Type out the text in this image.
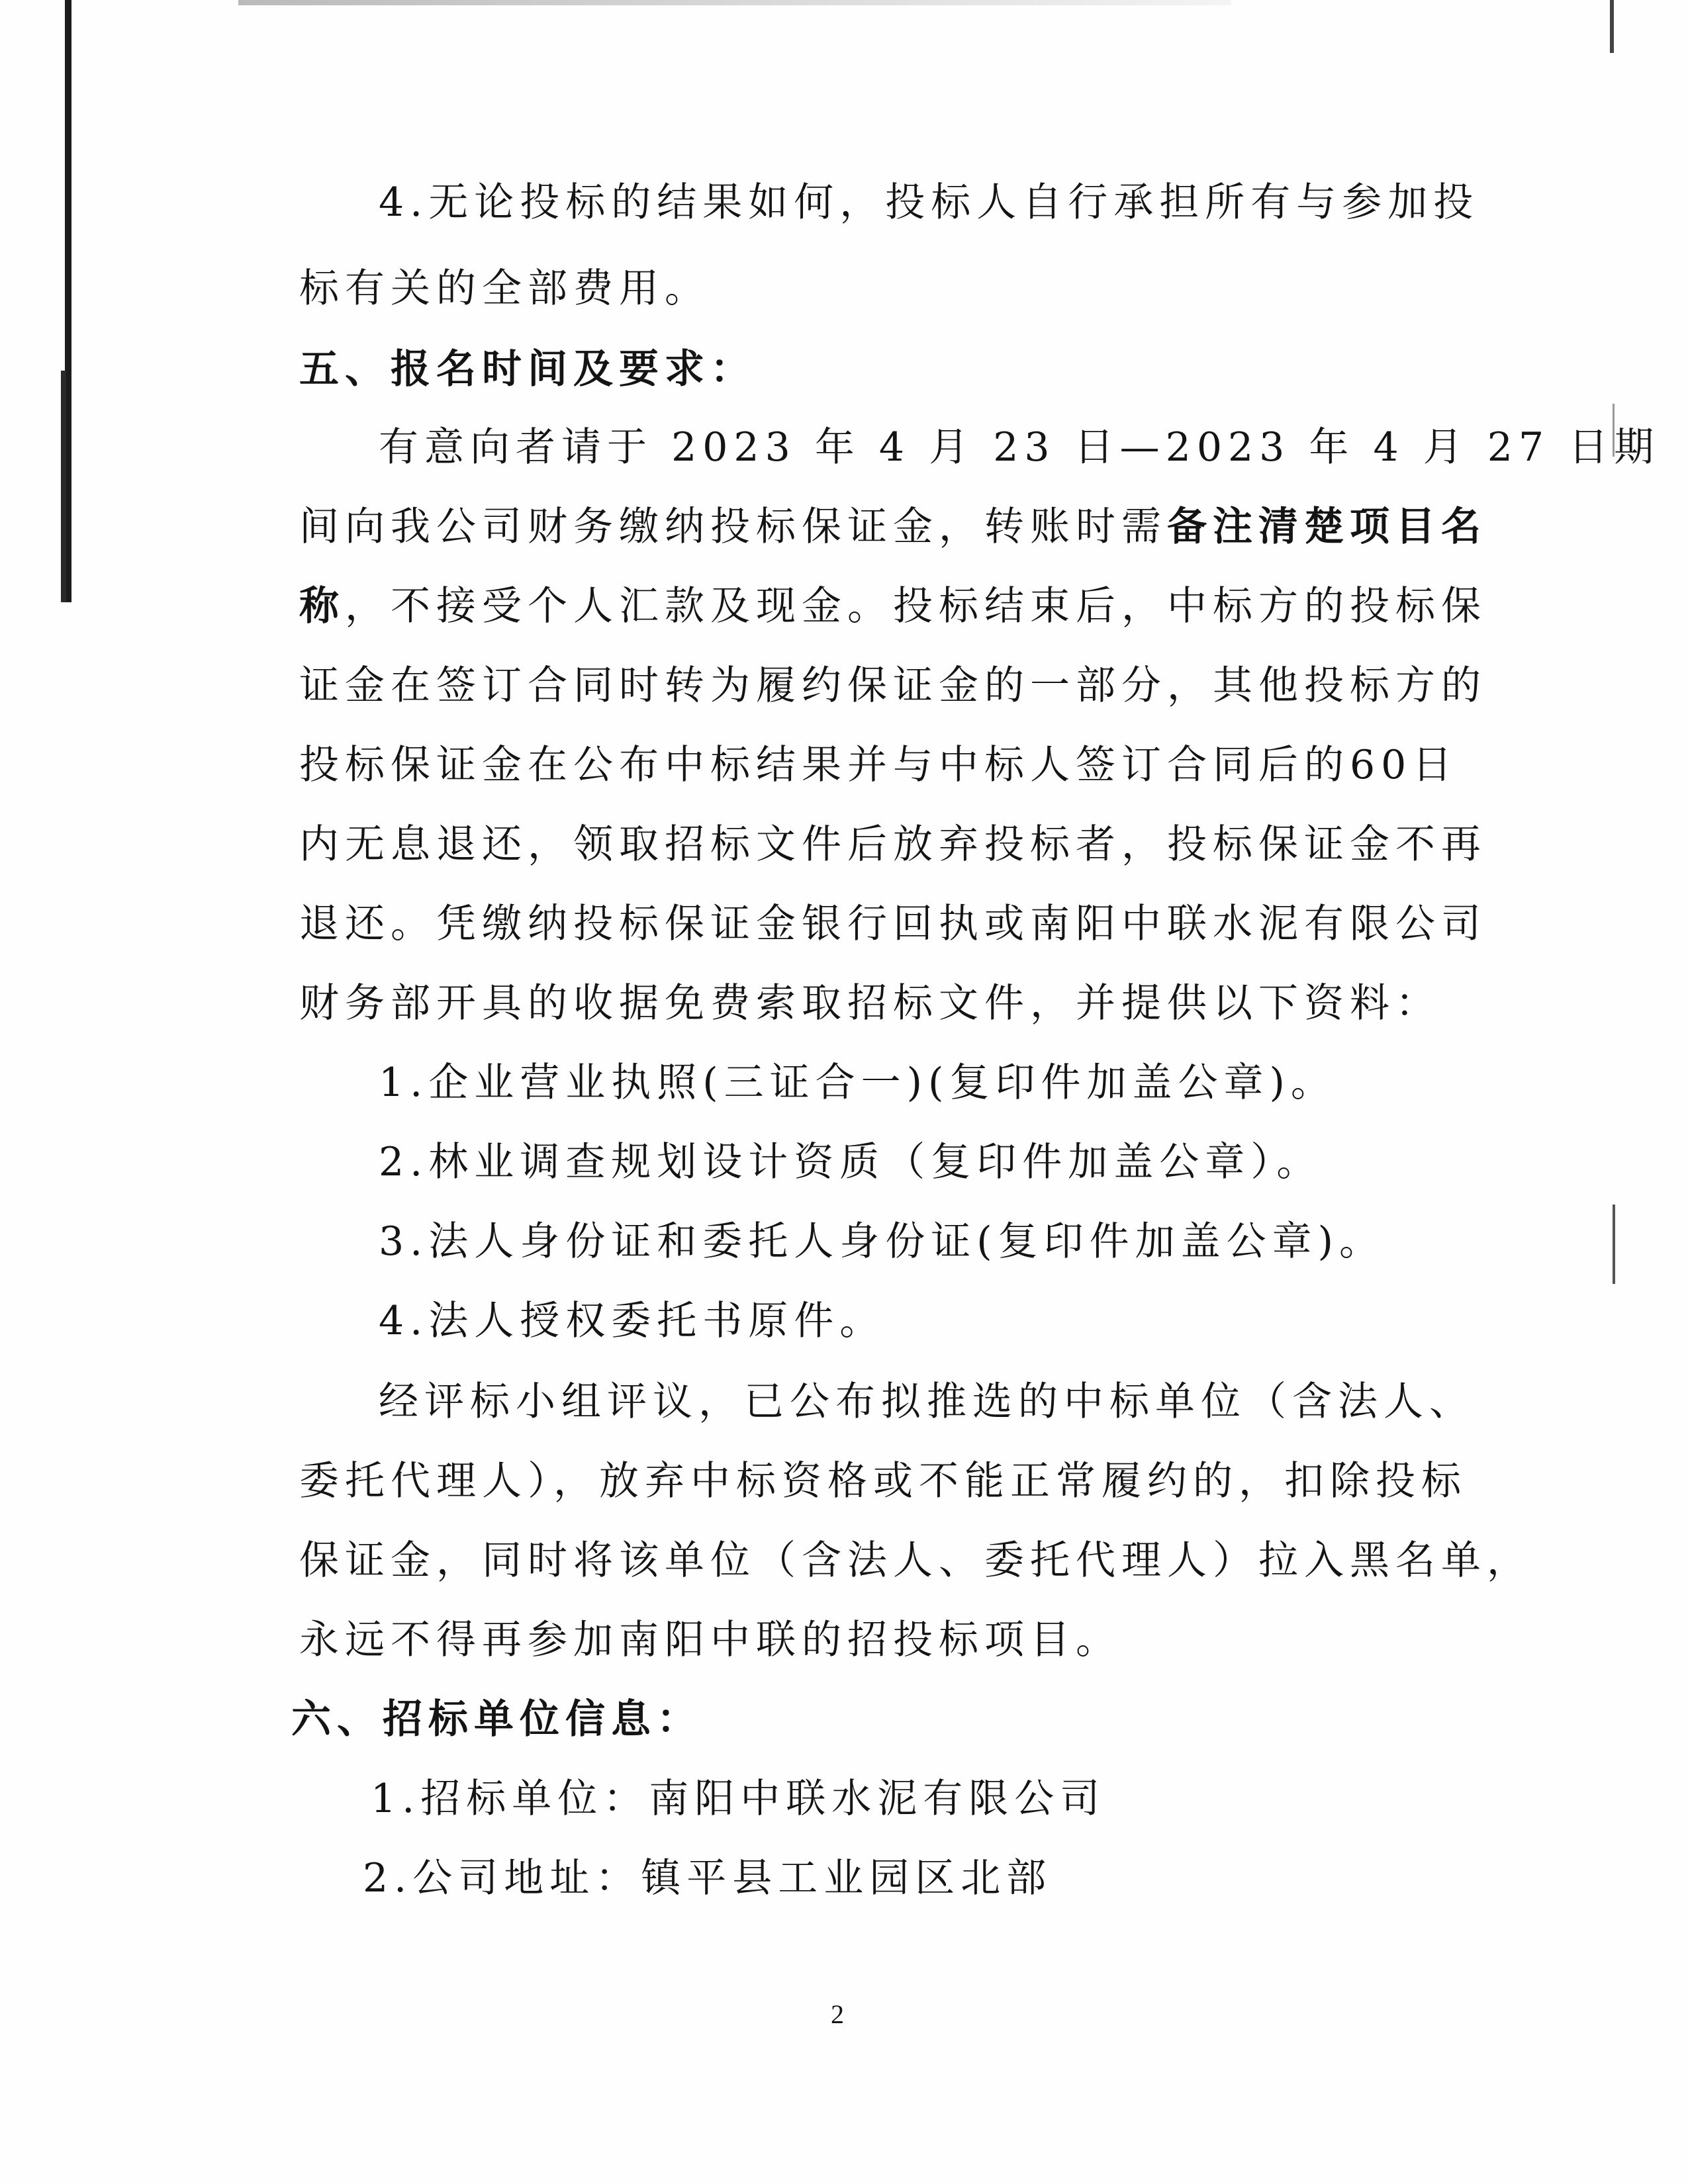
4.无论投标的结果如何，投标人自行承担所有与参加投

标有关的全部费用。

五、报名时间及要求：

有意向者请于 2023 年 4 月 23 日—2023 年 4 月 27 日期

间向我公司财务缴纳投标保证金，转账时需备注清楚项目名

称，不接受个人汇款及现金。投标结束后，中标方的投标保

证金在签订合同时转为履约保证金的一部分，其他投标方的

投标保证金在公布中标结果并与中标人签订合同后的60日

内无息退还，领取招标文件后放弃投标者，投标保证金不再

退还。凭缴纳投标保证金银行回执或南阳中联水泥有限公司

财务部开具的收据免费索取招标文件，并提供以下资料：

1.企业营业执照(三证合一)(复印件加盖公章)。

2.林业调查规划设计资质（复印件加盖公章）。

3.法人身份证和委托人身份证(复印件加盖公章)。

4.法人授权委托书原件。

经评标小组评议，已公布拟推选的中标单位（含法人、

委托代理人），放弃中标资格或不能正常履约的，扣除投标

保证金，同时将该单位（含法人、委托代理人）拉入黑名单，

永远不得再参加南阳中联的招投标项目。

六、招标单位信息：

1.招标单位：南阳中联水泥有限公司

2.公司地址：镇平县工业园区北部

2
